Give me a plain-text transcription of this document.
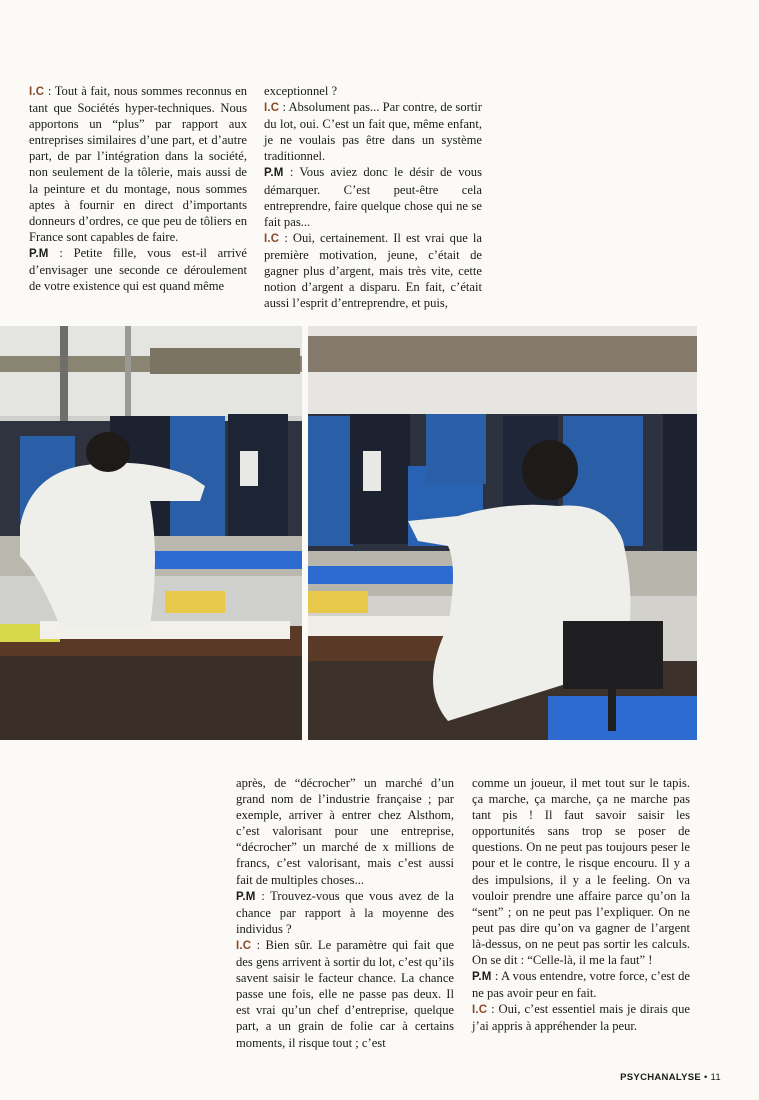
I.C : Tout à fait, nous sommes reconnus en tant que Sociétés hyper-techniques. Nous apportons un “plus” par rapport aux entreprises similaires d’une part, et d’autre part, de par l’intégration dans la société, non seulement de la tôlerie, mais aussi de la peinture et du montage, nous sommes aptes à fournir en direct d’importants donneurs d’ordres, ce que peu de tôliers en France sont capables de faire.

P.M : Petite fille, vous est-il arrivé d’envisager une seconde ce déroulement de votre existence qui est quand même

exceptionnel ?

I.C : Absolument pas... Par contre, de sortir du lot, oui. C’est un fait que, même enfant, je ne voulais pas être dans un système traditionnel.

P.M : Vous aviez donc le désir de vous démarquer. C’est peut-être cela entreprendre, faire quelque chose qui ne se fait pas...

I.C : Oui, certainement. Il est vrai que la première motivation, jeune, c’était de gagner plus d’argent, mais très vite, cette notion d’argent a disparu. En fait, c’était aussi l’esprit d’entreprendre, et puis,

après, de “décrocher” un marché d’un grand nom de l’industrie française ; par exemple, arriver à entrer chez Alsthom, c’est valorisant pour une entreprise, “décrocher” un marché de x millions de francs, c’est valorisant, mais c’est aussi fait de multiples choses...

P.M : Trouvez-vous que vous avez de la chance par rapport à la moyenne des individus ?

I.C : Bien sûr. Le paramètre qui fait que des gens arrivent à sortir du lot, c’est qu’ils savent saisir le facteur chance. La chance passe une fois, elle ne passe pas deux. Il est vrai qu’un chef d’entreprise, quelque part, a un grain de folie car à certains moments, il risque tout ; c’est

comme un joueur, il met tout sur le tapis. ça marche, ça marche, ça ne marche pas tant pis ! Il faut savoir saisir les opportunités sans trop se poser de questions. On ne peut pas toujours peser le pour et le contre, le risque encouru. Il y a des impulsions, il y a le feeling. On va vouloir prendre une affaire parce qu’on la “sent” ; on ne peut pas l’expliquer. On ne peut pas dire qu’on va gagner de l’argent là-dessus, on ne peut pas sortir les calculs. On se dit : “Celle-là, il me la faut” !

P.M : A vous entendre, votre force, c’est de ne pas avoir peur en fait.

I.C : Oui, c’est essentiel mais je dirais que j’ai appris à appréhender la peur.

PSYCHANALYSE • 11
